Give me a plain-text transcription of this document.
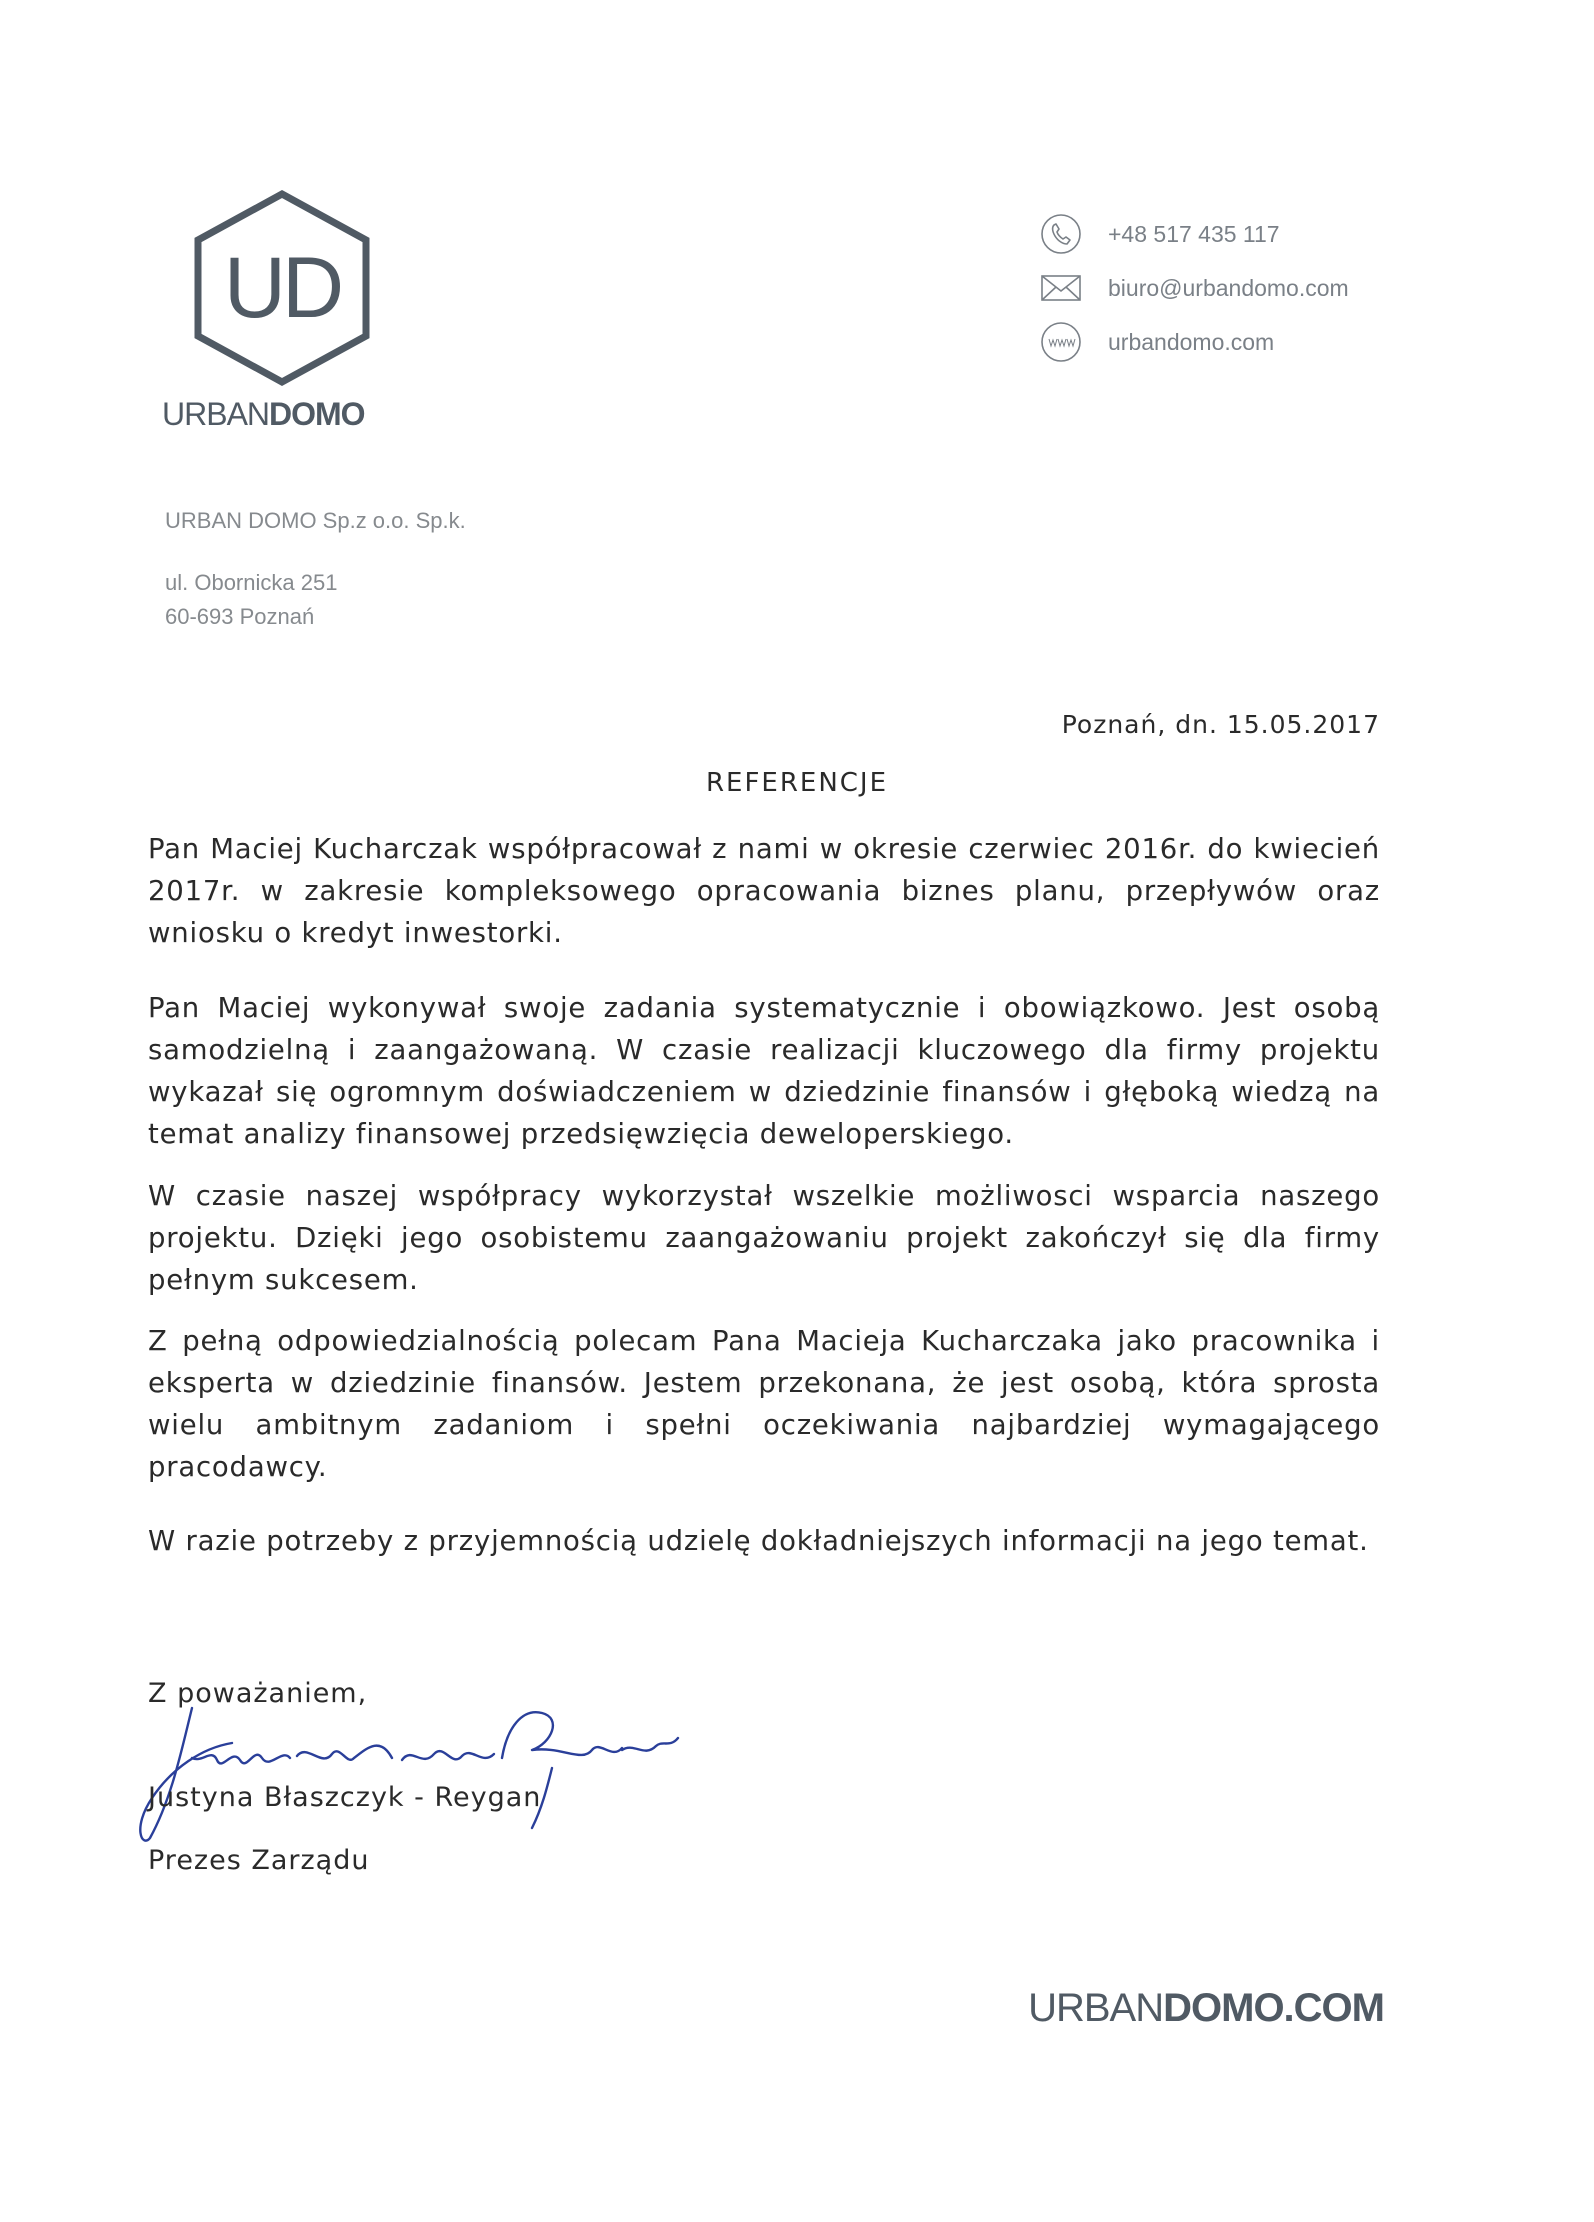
UD
URBANDOMO
+48 517 435 117
biuro@urbandomo.com
urbandomo.com
URBAN DOMO Sp.z o.o. Sp.k.
ul. Obornicka 251
60-693 Poznań
Poznań, dn. 15.05.2017
REFERENCJE

Pan Maciej Kucharczak współpracował z nami w okresie czerwiec 2016r. do kwiecień 2017r. w zakresie kompleksowego opracowania biznes planu, przepływów oraz wniosku o kredyt inwestorki.

Pan Maciej wykonywał swoje zadania systematycznie i obowiązkowo. Jest osobą samodzielną i zaangażowaną. W czasie realizacji kluczowego dla firmy projektu wykazał się ogromnym doświadczeniem w dziedzinie finansów i głęboką wiedzą na temat analizy finansowej przedsięwzięcia deweloperskiego.

W czasie naszej współpracy wykorzystał wszelkie możliwosci wsparcia naszego projektu. Dzięki jego osobistemu zaangażowaniu projekt zakończył się dla firmy pełnym sukcesem.

Z pełną odpowiedzialnością polecam Pana Macieja Kucharczaka jako pracownika i eksperta w dziedzinie finansów. Jestem przekonana, że jest osobą, która sprosta wielu ambitnym zadaniom i spełni oczekiwania najbardziej wymagającego pracodawcy.

W razie potrzeby z przyjemnością udzielę dokładniejszych informacji na jego temat.

Z poważaniem,
Justyna Błaszczyk - Reygan
Prezes Zarządu
URBANDOMO.COM
